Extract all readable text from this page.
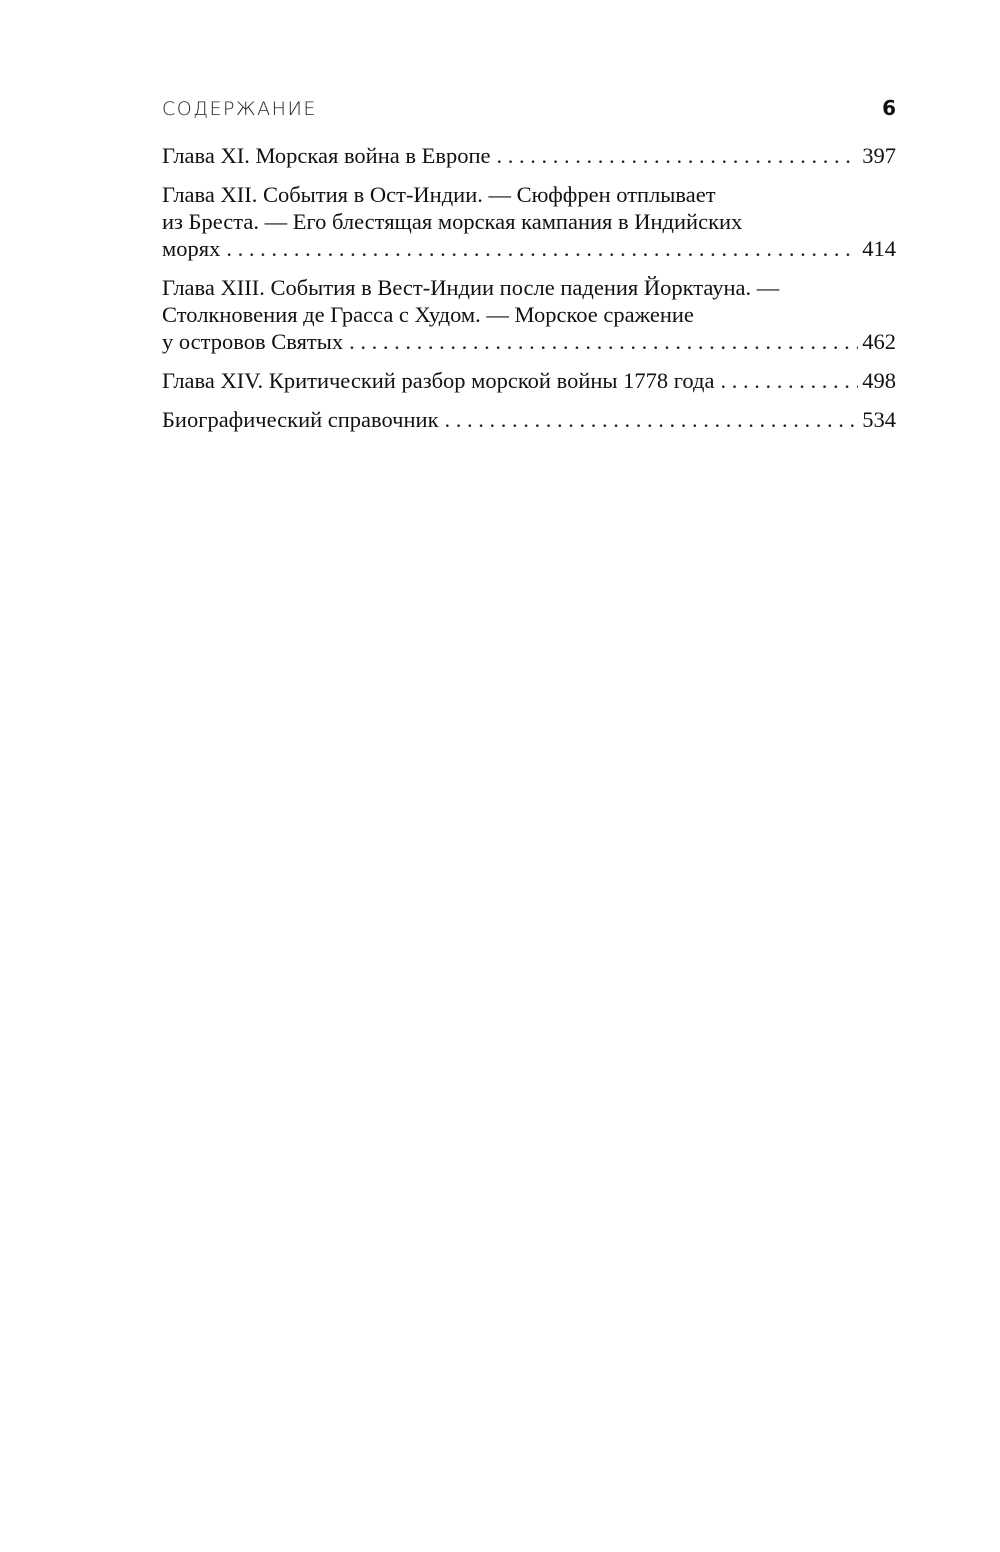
СОДЕРЖАНИЕ	6
Глава XI. Морская война в Европе . . .	397
Глава XII. События в Ост-Индии. — Сюффрен отплывает
из Бреста. — Его блестящая морская кампания в Индийских
морях . . .	414
Глава XIII. События в Вест-Индии после падения Йорктауна. —
Столкновения де Грасса с Худом. — Морское сражение
у островов Святых . . .	462
Глава XIV. Критический разбор морской войны 1778 года . . .	498
Биографический справочник . . .	534
